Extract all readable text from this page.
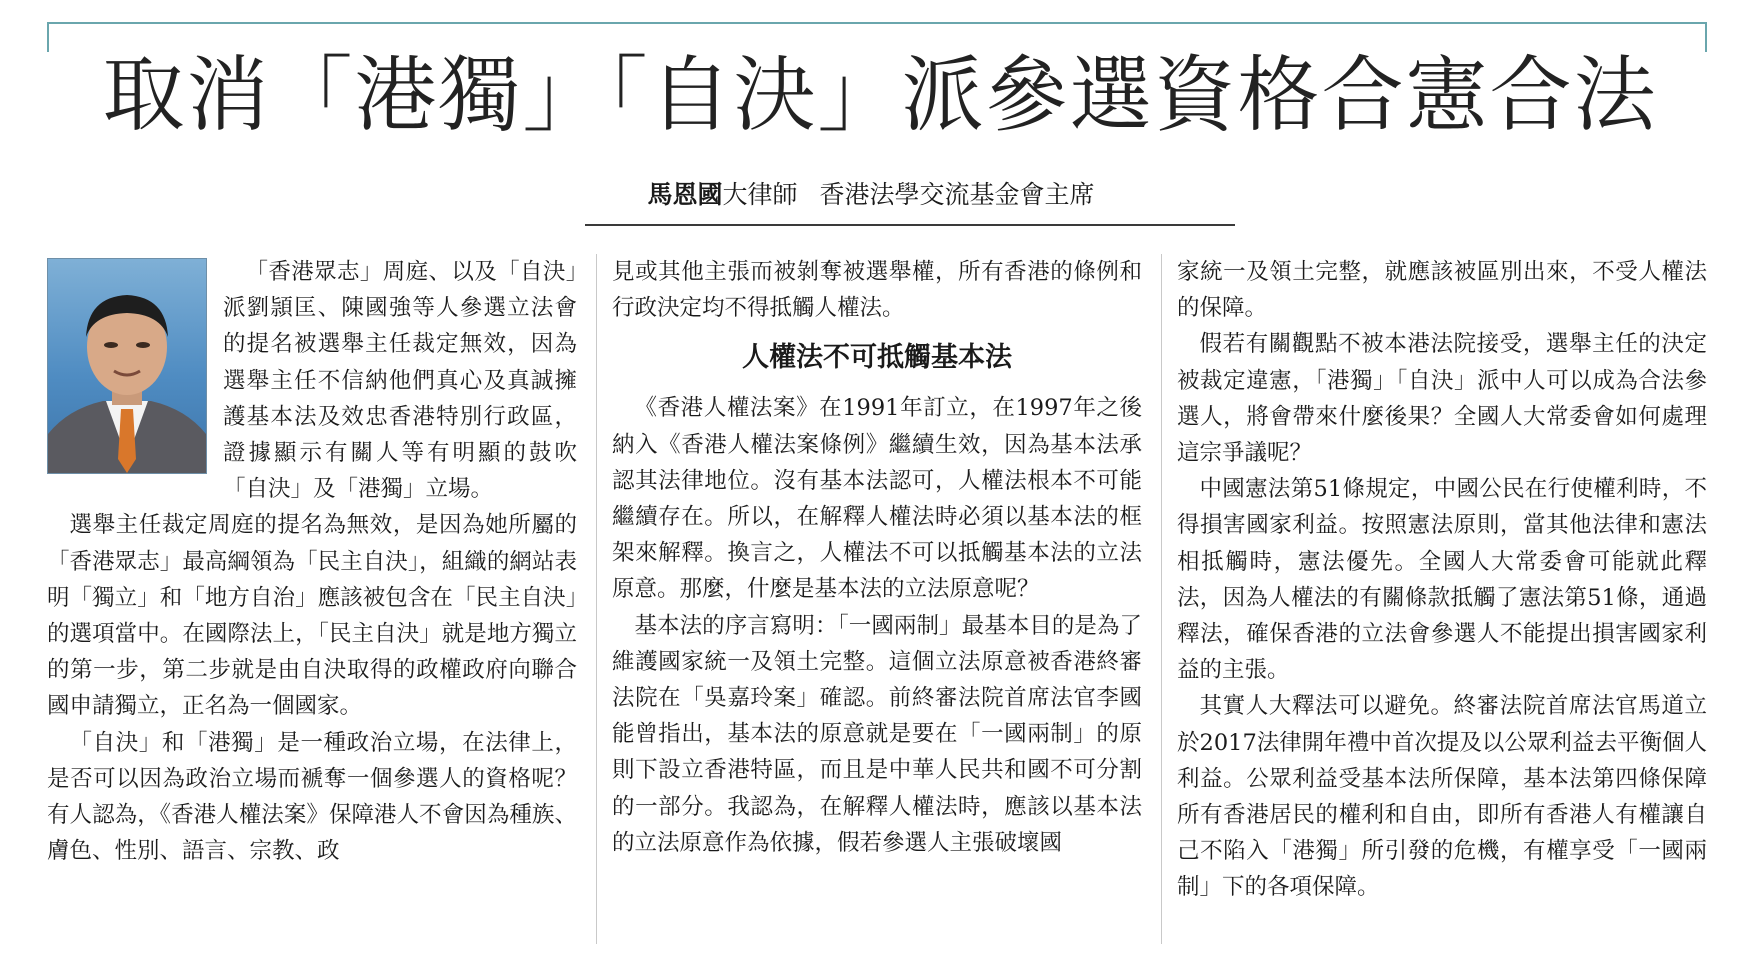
取消「港獨」「自決」派參選資格合憲合法
馬恩國大律師 香港法學交流基金會主席

「香港眾志」周庭、以及「自決」派劉頴匡、陳國強等人參選立法會的提名被選舉主任裁定無效，因為選舉主任不信納他們真心及真誠擁護基本法及效忠香港特別行政區，證據顯示有關人等有明顯的鼓吹「自決」及「港獨」立場。

選舉主任裁定周庭的提名為無效，是因為她所屬的「香港眾志」最高綱領為「民主自決」，組織的網站表明「獨立」和「地方自治」應該被包含在「民主自決」的選項當中。在國際法上，「民主自決」就是地方獨立的第一步，第二步就是由自決取得的政權政府向聯合國申請獨立，正名為一個國家。

「自決」和「港獨」是一種政治立場，在法律上，是否可以因為政治立場而褫奪一個參選人的資格呢？有人認為，《香港人權法案》保障港人不會因為種族、膚色、性別、語言、宗教、政

見或其他主張而被剝奪被選舉權，所有香港的條例和行政決定均不得抵觸人權法。

人權法不可抵觸基本法

《香港人權法案》在1991年訂立，在1997年之後納入《香港人權法案條例》繼續生效，因為基本法承認其法律地位。沒有基本法認可，人權法根本不可能繼續存在。所以，在解釋人權法時必須以基本法的框架來解釋。換言之，人權法不可以抵觸基本法的立法原意。那麼，什麼是基本法的立法原意呢？

基本法的序言寫明：「一國兩制」最基本目的是為了維護國家統一及領土完整。這個立法原意被香港終審法院在「吳嘉玲案」確認。前終審法院首席法官李國能曾指出，基本法的原意就是要在「一國兩制」的原則下設立香港特區，而且是中華人民共和國不可分割的一部分。我認為，在解釋人權法時，應該以基本法的立法原意作為依據，假若參選人主張破壞國

家統一及領土完整，就應該被區別出來，不受人權法的保障。

假若有關觀點不被本港法院接受，選舉主任的決定被裁定違憲，「港獨」「自決」派中人可以成為合法參選人，將會帶來什麼後果？全國人大常委會如何處理這宗爭議呢？

中國憲法第51條規定，中國公民在行使權利時，不得損害國家利益。按照憲法原則，當其他法律和憲法相抵觸時，憲法優先。全國人大常委會可能就此釋法，因為人權法的有關條款抵觸了憲法第51條，通過釋法，確保香港的立法會參選人不能提出損害國家利益的主張。

其實人大釋法可以避免。終審法院首席法官馬道立於2017法律開年禮中首次提及以公眾利益去平衡個人利益。公眾利益受基本法所保障，基本法第四條保障所有香港居民的權利和自由，即所有香港人有權讓自己不陷入「港獨」所引發的危機，有權享受「一國兩制」下的各項保障。
